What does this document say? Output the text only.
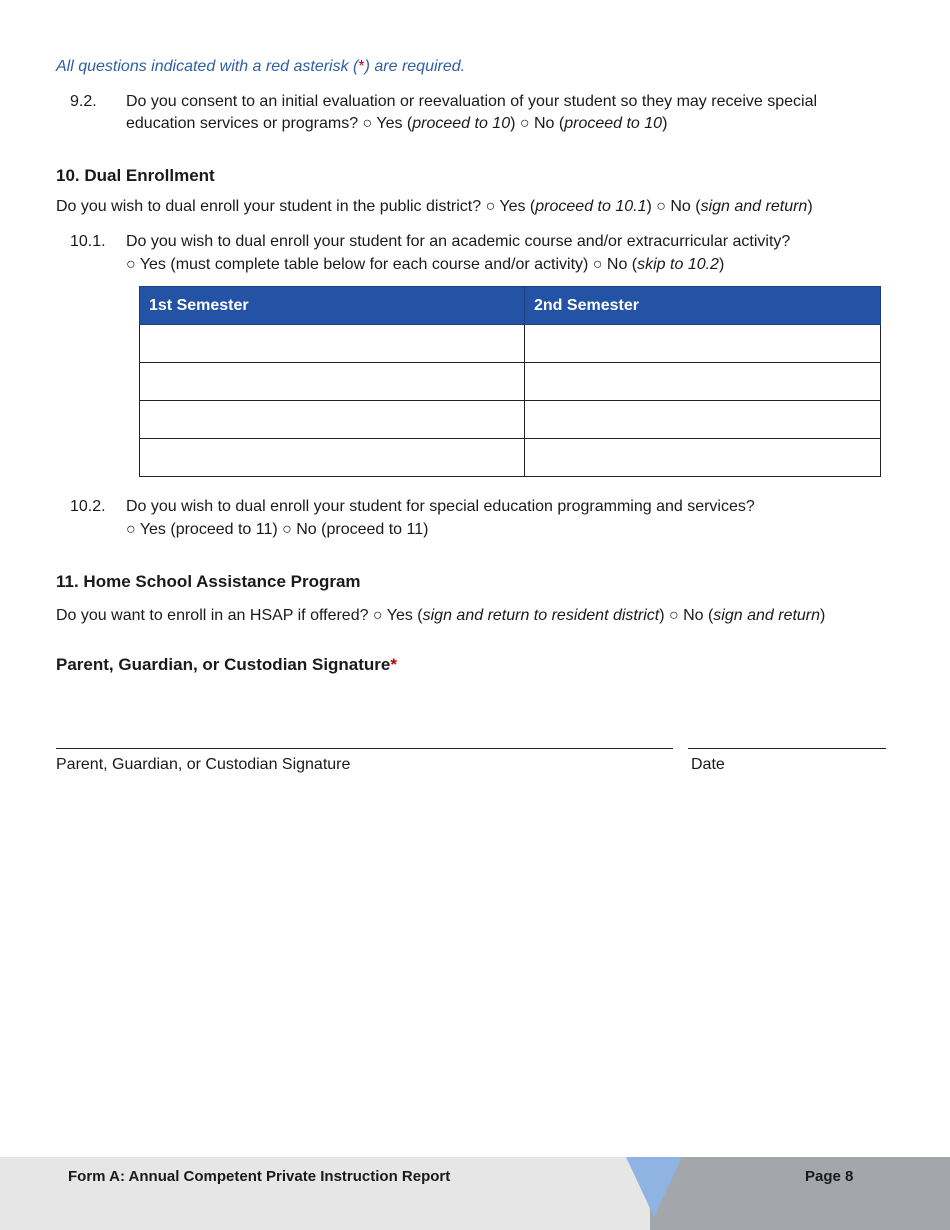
All questions indicated with a red asterisk (*) are required.
9.2. Do you consent to an initial evaluation or reevaluation of your student so they may receive special
education services or programs? ○ Yes (proceed to 10) ○ No (proceed to 10)
10. Dual Enrollment
Do you wish to dual enroll your student in the public district? ○ Yes (proceed to 10.1) ○ No (sign and return)
10.1. Do you wish to dual enroll your student for an academic course and/or extracurricular activity?
○ Yes (must complete table below for each course and/or activity) ○ No (skip to 10.2)
1st Semester	2nd Semester

10.2. Do you wish to dual enroll your student for special education programming and services?
○ Yes (proceed to 11) ○ No (proceed to 11)
11. Home School Assistance Program
Do you want to enroll in an HSAP if offered? ○ Yes (sign and return to resident district) ○ No (sign and return)
Parent, Guardian, or Custodian Signature*
Parent, Guardian, or Custodian Signature	Date
Form A: Annual Competent Private Instruction Report	Page 8
